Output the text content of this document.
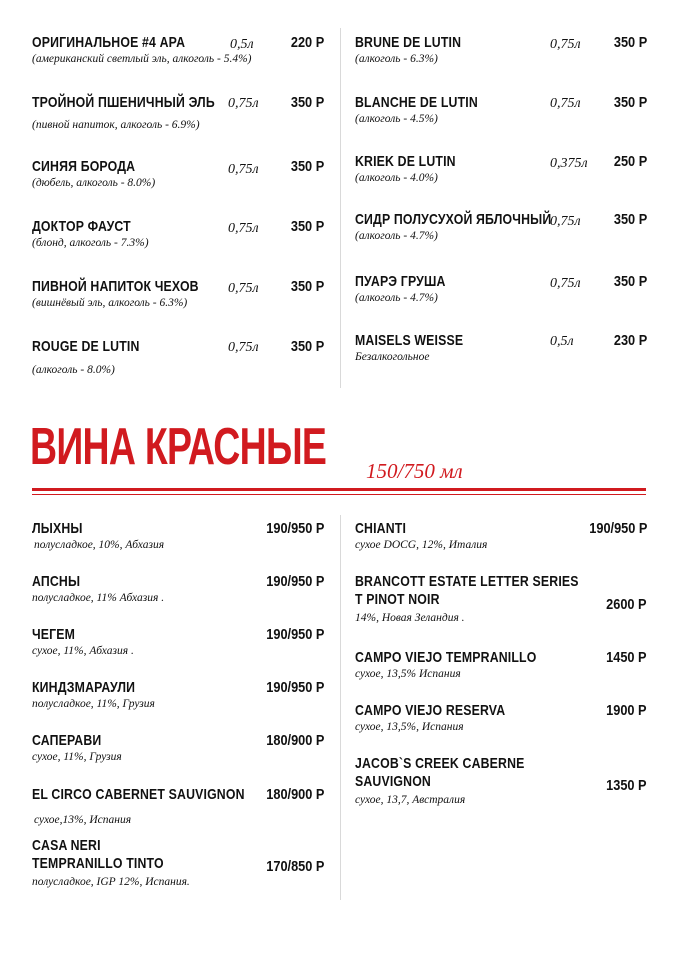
ОРИГИНАЛЬНОЕ #4 APA
(американский светлый эль, алкоголь - 5.4%)
0,5л 220 Р
ТРОЙНОЙ ПШЕНИЧНЫЙ ЭЛЬ
(пивной напиток, алкоголь - 6.9%)
0,75л 350 Р
СИНЯЯ БОРОДА
(дюбель, алкоголь - 8.0%)
0,75л 350 Р
ДОКТОР ФАУСТ
(блонд, алкоголь - 7.3%)
0,75л 350 Р
ПИВНОЙ НАПИТОК ЧЕХОВ
(вишнёвый эль, алкоголь - 6.3%)
0,75л 350 Р
ROUGE DE LUTIN
(алкоголь - 8.0%)
0,75л 350 Р
BRUNE DE LUTIN
(алкоголь - 6.3%)
0,75л 350 Р
BLANCHE DE LUTIN
(алкоголь - 4.5%)
0,75л 350 Р
KRIEK DE LUTIN
(алкоголь - 4.0%)
0,375л 250 Р
СИДР ПОЛУСУХОЙ ЯБЛОЧНЫЙ
(алкоголь - 4.7%)
0,75л 350 Р
ПУАРЭ ГРУША
(алкоголь - 4.7%)
0,75л 350 Р
MAISELS WEISSE
Безалкогольное
0,5л	230 Р
ВИНА КРАСНЫЕ 150/750 мл
ЛЫХНЫ
полусладкое, 10%, Абхазия
190/950 Р
АПСНЫ
полусладкое, 11% Абхазия .
190/950 Р
ЧЕГЕМ
сухое, 11%, Абхазия .
190/950 Р
КИНДЗМАРАУЛИ
полусладкое, 11%, Грузия
190/950 Р
САПЕРАВИ
сухое, 11%, Грузия
180/900 Р
EL CIRCO CABERNET SAUVIGNON
сухое,13%, Испания
180/900 Р
CASA NERI
TEMPRANILLO TINTO
полусладкое, IGP 12%, Испания.
170/850 Р
CHIANTI
сухое DOCG, 12%, Италия
190/950 Р
BRANCOTT ESTATE LETTER SERIES
T PINOT NOIR
14%, Новая Зеландия .
2600 Р
CAMPO VIEJO TEMPRANILLO
сухое, 13,5% Испания
1450 Р
CAMPO VIEJO RESERVA
сухое, 13,5%, Испания
1900 Р
JACOB`S CREEK CABERNE
SAUVIGNON
сухое, 13,7, Австралия
1350 Р
